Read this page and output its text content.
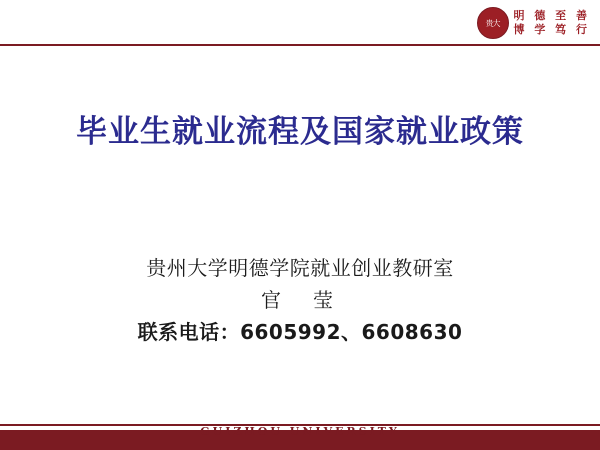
贵大
明 德 至 善
博 学 笃 行
毕业生就业流程及国家就业政策
贵州大学明德学院就业创业教研室
官　莹
联系电话：6605992、6608630
GUIZHOU UNIVERSITY
